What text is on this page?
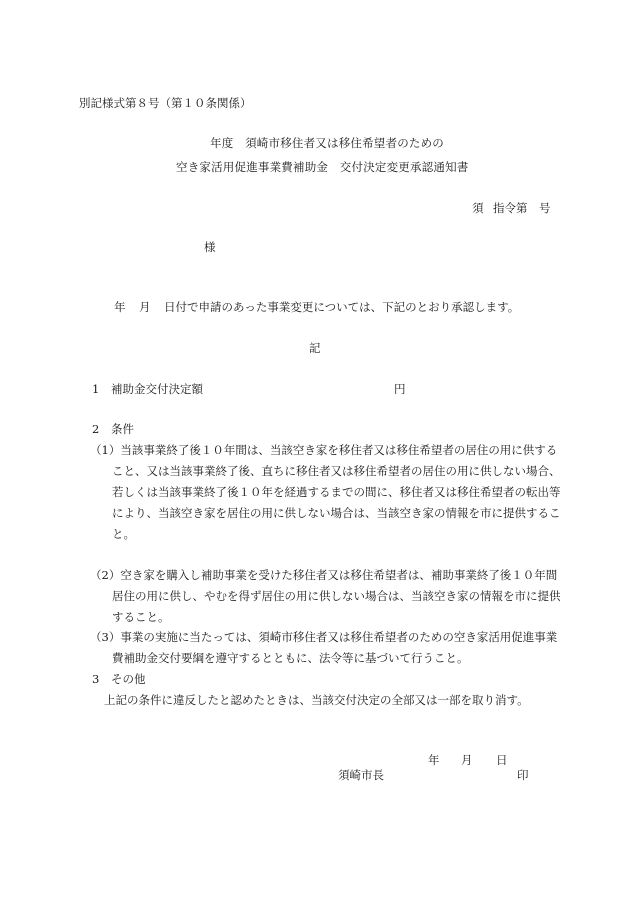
別記様式第８号（第１０条関係）
年度　須崎市移住者又は移住希望者のための
空き家活用促進事業費補助金　交付決定変更承認通知書
須 指令第　号
様
年 月 日付で申請のあった事業変更については、下記のとおり承認します。
記
1 補助金交付決定額	円
2 条件
（1）当該事業終了後１０年間は、当該空き家を移住者又は移住希望者の居住の用に供する
こと、又は当該事業終了後、直ちに移住者又は移住希望者の居住の用に供しない場合、
若しくは当該事業終了後１０年を経過するまでの間に、移住者又は移住希望者の転出等
により、当該空き家を居住の用に供しない場合は、当該空き家の情報を市に提供するこ
と。
（2）空き家を購入し補助事業を受けた移住者又は移住希望者は、補助事業終了後１０年間
居住の用に供し、やむを得ず居住の用に供しない場合は、当該空き家の情報を市に提供
すること。
（3）事業の実施に当たっては、須崎市移住者又は移住希望者のための空き家活用促進事業
費補助金交付要綱を遵守するとともに、法令等に基づいて行うこと。
3 その他
上記の条件に違反したと認めたときは、当該交付決定の全部又は一部を取り消す。
年 月 日
須崎市長	印
